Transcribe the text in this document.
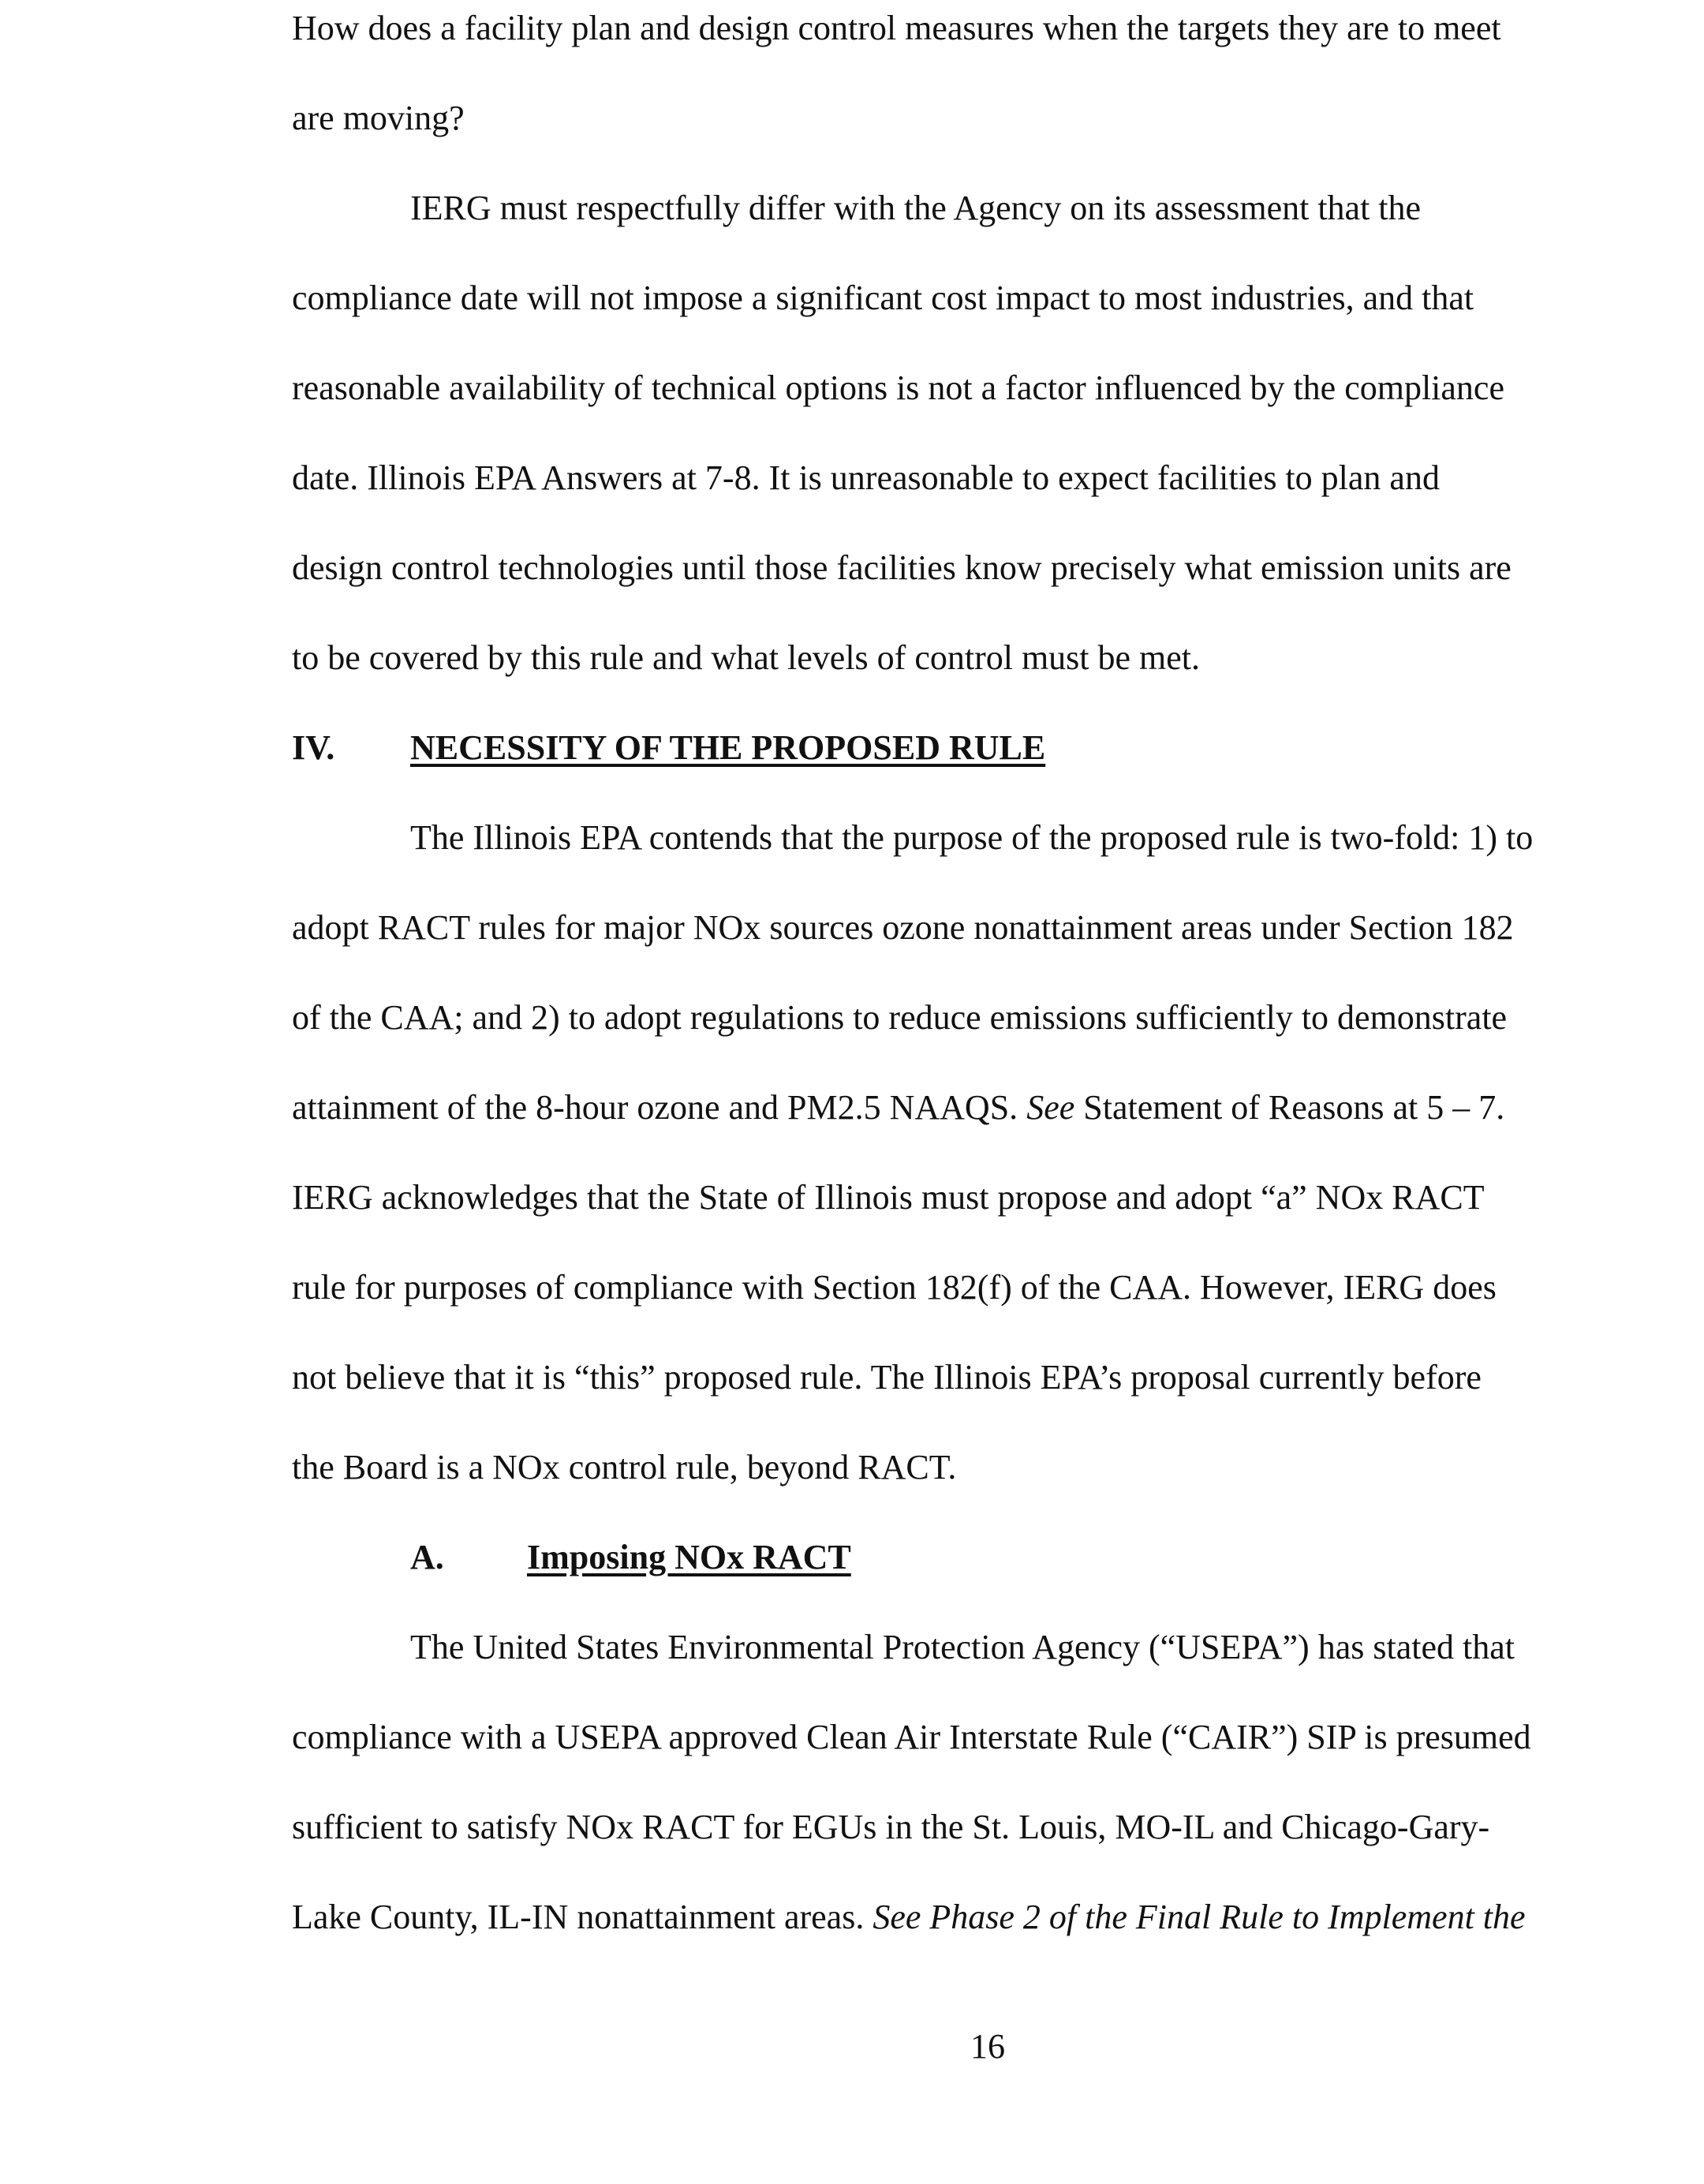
How does a facility plan and design control measures when the targets they are to meet
are moving?
IERG must respectfully differ with the Agency on its assessment that the
compliance date will not impose a significant cost impact to most industries, and that
reasonable availability of technical options is not a factor influenced by the compliance
date. Illinois EPA Answers at 7-8. It is unreasonable to expect facilities to plan and
design control technologies until those facilities know precisely what emission units are
to be covered by this rule and what levels of control must be met.
IV. NECESSITY OF THE PROPOSED RULE
The Illinois EPA contends that the purpose of the proposed rule is two-fold: 1) to
adopt RACT rules for major NOx sources ozone nonattainment areas under Section 182
of the CAA; and 2) to adopt regulations to reduce emissions sufficiently to demonstrate
attainment of the 8-hour ozone and PM2.5 NAAQS. See Statement of Reasons at 5 – 7.
IERG acknowledges that the State of Illinois must propose and adopt “a” NOx RACT
rule for purposes of compliance with Section 182(f) of the CAA. However, IERG does
not believe that it is “this” proposed rule. The Illinois EPA’s proposal currently before
the Board is a NOx control rule, beyond RACT.
A. Imposing NOx RACT
The United States Environmental Protection Agency (“USEPA”) has stated that
compliance with a USEPA approved Clean Air Interstate Rule (“CAIR”) SIP is presumed
sufficient to satisfy NOx RACT for EGUs in the St. Louis, MO-IL and Chicago-Gary-
Lake County, IL-IN nonattainment areas. See Phase 2 of the Final Rule to Implement the
16
